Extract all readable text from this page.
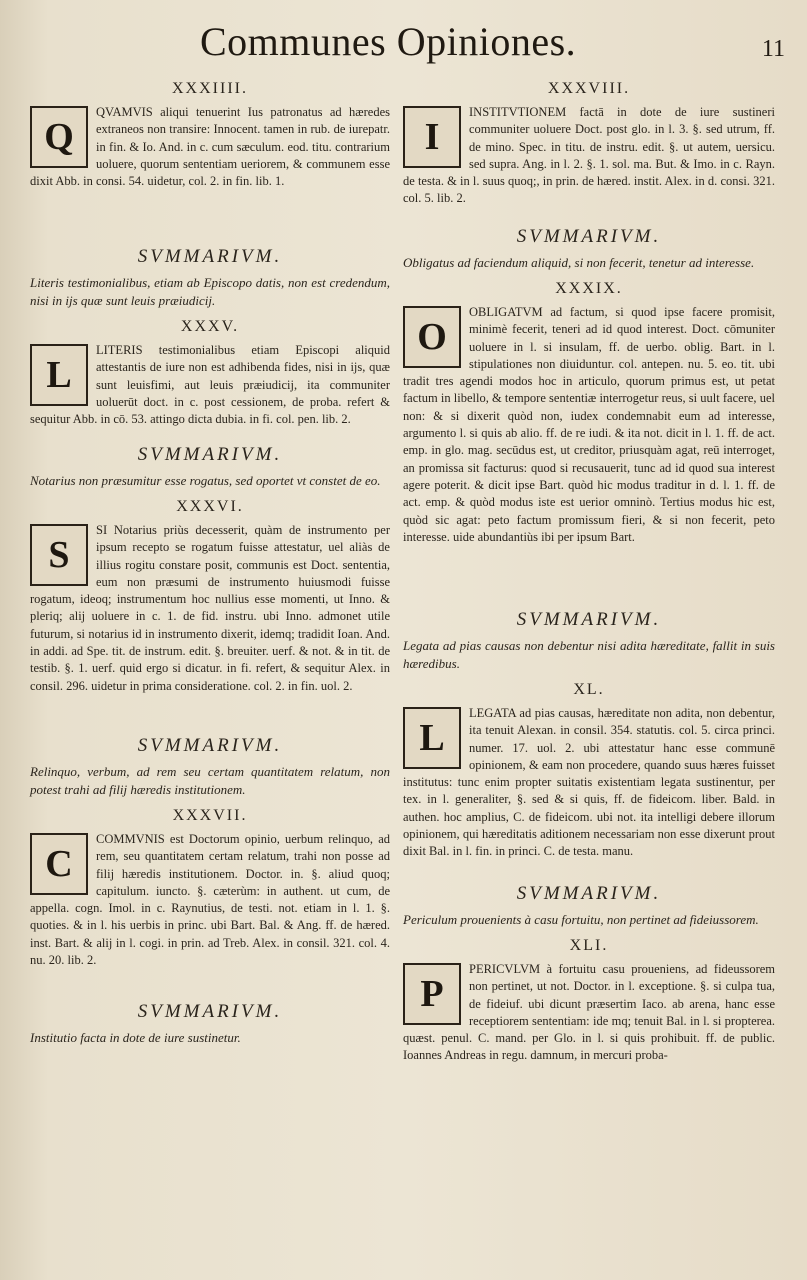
Communes Opiniones.	11
XXXIIII.
Q

QVAMVIS aliqui tenuerint Ius patronatus ad hæredes extraneos non transire: Innocent. tamen in rub. de iurepatr. in fin. & Io. And. in c. cum sæculum. eod. titu. contrarium uoluere, quorum sententiam ueriorem, & communem esse dixit Abb. in consi. 54. uidetur, col. 2. in fin. lib. 1.

SVMMARIVM.

Literis testimonialibus, etiam ab Episcopo datis, non est credendum, nisi in ijs quæ sunt leuis præiudicij.

XXXV.
L

LITERIS testimonialibus etiam Episcopi aliquid attestantis de iure non est adhibenda fides, nisi in ijs, quæ sunt leuisfimi, aut leuis præiudicij, ita communiter uoluerūt doct. in c. post cessionem, de proba. refert & sequitur Abb. in cō. 53. attingo dicta dubia. in fi. col. pen. lib. 2.

SVMMARIVM.

Notarius non præsumitur esse rogatus, sed oportet vt constet de eo.

XXXVI.
S

SI Notarius priùs decesserit, quàm de instrumento per ipsum recepto se rogatum fuisse attestatur, uel aliàs de illius rogitu constare posit, communis est Doct. sententia, eum non præsumi de instrumento huiusmodi fuisse rogatum, ideoq; instrumentum hoc nullius esse momenti, ut Inno. & pleriq; alij uoluere in c. 1. de fid. instru. ubi Inno. admonet utile futurum, si notarius id in instrumento dixerit, idemq; tradidit Ioan. And. in addi. ad Spe. tit. de instrum. edit. §. breuiter. uerf. & not. & in tit. de testib. §. 1. uerf. quid ergo si dicatur. in fi. refert, & sequitur Alex. in consil. 296. uidetur in prima consideratione. col. 2. in fin. uol. 2.

SVMMARIVM.

Relinquo, verbum, ad rem seu certam quantitatem relatum, non potest trahi ad filij hæredis institutionem.

XXXVII.
C

COMMVNIS est Doctorum opinio, uerbum relinquo, ad rem, seu quantitatem certam relatum, trahi non posse ad filij hæredis institutionem. Doctor. in. §. aliud quoq; capitulum. iuncto. §. cæterùm: in authent. ut cum, de appella. cogn. Imol. in c. Raynutius, de testi. not. etiam in l. 1. §. quoties. & in l. his uerbis in princ. ubi Bart. Bal. & Ang. ff. de hæred. inst. Bart. & alij in l. cogi. in prin. ad Treb. Alex. in consil. 321. col. 4. nu. 20. lib. 2.

SVMMARIVM.

Institutio facta in dote de iure sustinetur.

XXXVIII.
I

INSTITVTIONEM factā in dote de iure sustineri communiter uoluere Doct. post glo. in l. 3. §. sed utrum, ff. de mino. Spec. in titu. de instru. edit. §. ut autem, uersicu. sed supra. Ang. in l. 2. §. 1. sol. ma. But. & Imo. in c. Rayn. de testa. & in l. suus quoq;, in prin. de hæred. instit. Alex. in d. consi. 321. col. 5. lib. 2.

SVMMARIVM.

Obligatus ad faciendum aliquid, si non fecerit, tenetur ad interesse.

XXXIX.
O

OBLIGATVM ad factum, si quod ipse facere promisit, minimè fecerit, teneri ad id quod interest. Doct. cōmuniter uoluere in l. si insulam, ff. de uerbo. oblig. Bart. in l. stipulationes non diuiduntur. col. antepen. nu. 5. eo. tit. ubi tradit tres agendi modos hoc in articulo, quorum primus est, ut petat factum in libello, & tempore sententiæ interrogetur reus, si uult facere, uel non: & si dixerit quòd non, iudex condemnabit eum ad interesse, argumento l. si quis ab alio. ff. de re iudi. & ita not. dicit in l. 1. ff. de act. emp. in glo. mag. secūdus est, ut creditor, priusquàm agat, reū interroget, an promissa sit facturus: quod si recusauerit, tunc ad id quod sua interest agere poterit. & dicit ipse Bart. quòd hic modus traditur in d. l. 1. ff. de act. emp. & quòd modus iste est uerior omninò. Tertius modus hic est, quòd sic agat: peto factum promissum fieri, & si non fecerit, peto interesse. uide abundantiùs ibi per ipsum Bart.

SVMMARIVM.

Legata ad pias causas non debentur nisi adita hæreditate, fallit in suis hæredibus.

XL.
L

LEGATA ad pias causas, hæreditate non adita, non debentur, ita tenuit Alexan. in consil. 354. statutis. col. 5. circa princi. numer. 17. uol. 2. ubi attestatur hanc esse communē opinionem, & eam non procedere, quando suus hæres fuisset institutus: tunc enim propter suitatis existentiam legata sustinentur, per tex. in l. generaliter, §. sed & si quis, ff. de fideicom. liber. Bald. in authen. hoc amplius, C. de fideicom. ubi not. ita intelligi debere illorum opinionem, qui hæreditatis aditionem necessariam non esse dixerunt prout dixit Bal. in l. fin. in princi. C. de testa. manu.

SVMMARIVM.

Periculum prouenients à casu fortuitu, non pertinet ad fideiussorem.

XLI.
P

PERICVLVM à fortuitu casu proueniens, ad fideussorem non pertinet, ut not. Doctor. in l. exceptione. §. si culpa tua, de fideiuf. ubi dicunt præsertim Iaco. ab arena, hanc esse receptiorem sententiam: ide mq; tenuit Bal. in l. si propterea. quæst. penul. C. mand. per Glo. in l. si quis prohibuit. ff. de public. Ioannes Andreas in regu. damnum, in mercuri proba-
